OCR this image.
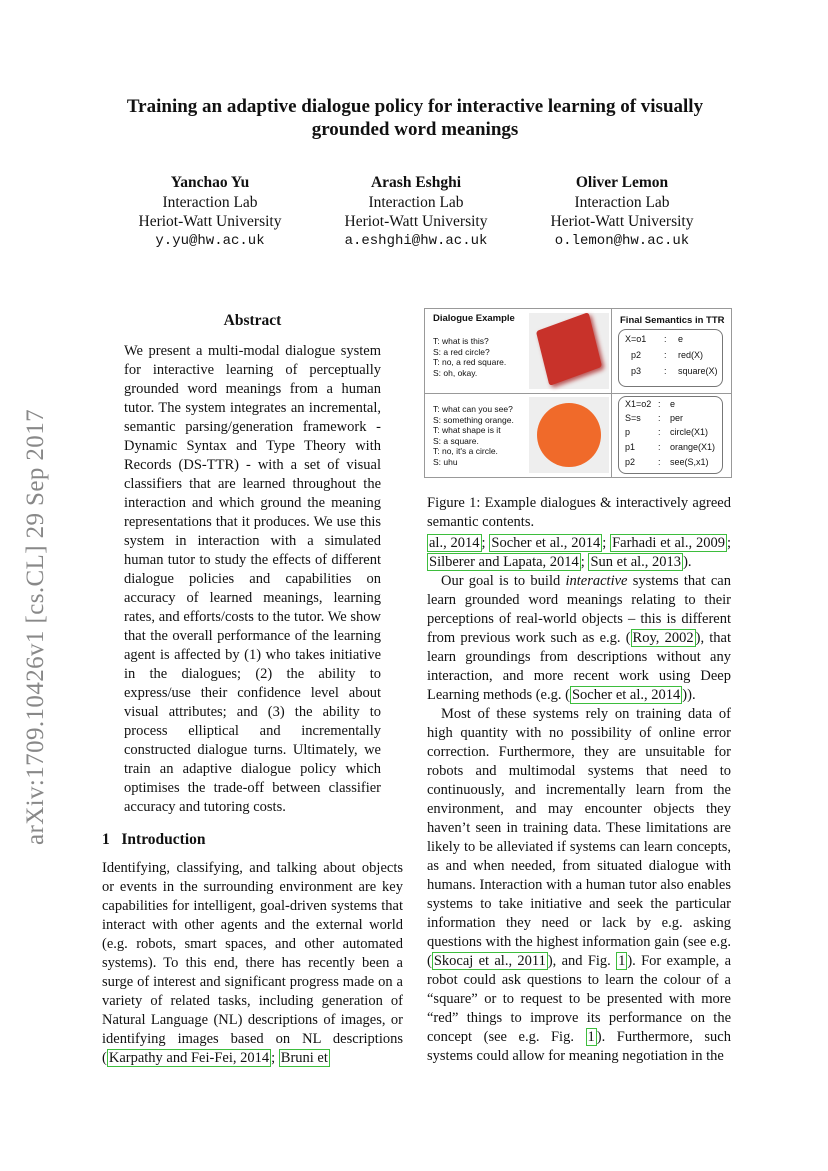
Training an adaptive dialogue policy for interactive learning of visually
grounded word meanings
Yanchao Yu
Interaction Lab
Heriot-Watt University
y.yu@hw.ac.uk
Arash Eshghi
Interaction Lab
Heriot-Watt University
a.eshghi@hw.ac.uk
Oliver Lemon
Interaction Lab
Heriot-Watt University
o.lemon@hw.ac.uk
arXiv:1709.10426v1 [cs.CL] 29 Sep 2017
Abstract

We present a multi-modal dialogue system for interactive learning of perceptually grounded word meanings from a human tutor. The system integrates an incremental, semantic parsing/generation framework - Dynamic Syntax and Type Theory with Records (DS-TTR) - with a set of visual classifiers that are learned throughout the interaction and which ground the meaning representations that it produces. We use this system in interaction with a simulated human tutor to study the effects of different dialogue policies and capabilities on accuracy of learned meanings, learning rates, and efforts/costs to the tutor. We show that the overall performance of the learning agent is affected by (1) who takes initiative in the dialogues; (2) the ability to express/use their confidence level about visual attributes; and (3) the ability to process elliptical and incrementally constructed dialogue turns. Ultimately, we train an adaptive dialogue policy which optimises the trade-off between classifier accuracy and tutoring costs.

1 Introduction

Identifying, classifying, and talking about objects or events in the surrounding environment are key capabilities for intelligent, goal-driven systems that interact with other agents and the external world (e.g. robots, smart spaces, and other automated systems). To this end, there has recently been a surge of interest and significant progress made on a variety of related tasks, including generation of Natural Language (NL) descriptions of images, or identifying images based on NL descriptions ( Karpathy and Fei-Fei, 2014 ; Bruni et

Dialogue Example	Final Semantics in TTR
T: what is this?
S: a red circle?
T: no, a red square.
S: oh, okay.
T: what can you see?
S: something orange.
T: what shape is it
S: a square.
T: no, it's a circle.
S: uhu
X=o1 : e
p2	: red(X)
p3	: square(X)
X1=o2 : e
S=s : per
p	: circle(X1)
p1	: orange(X1)
p2	: see(S,x1)

Figure 1: Example dialogues & interactively agreed semantic contents.

al., 2014 ; Socher et al., 2014 ; Farhadi et al., 2009 ; Silberer and Lapata, 2014 ; Sun et al., 2013 ).

Our goal is to build interactive systems that can learn grounded word meanings relating to their perceptions of real-world objects – this is different from previous work such as e.g. ( Roy, 2002 ), that learn groundings from descriptions without any interaction, and more recent work using Deep Learning methods (e.g. ( Socher et al., 2014 )).

Most of these systems rely on training data of high quantity with no possibility of online error correction. Furthermore, they are unsuitable for robots and multimodal systems that need to continuously, and incrementally learn from the environment, and may encounter objects they haven’t seen in training data. These limitations are likely to be alleviated if systems can learn concepts, as and when needed, from situated dialogue with humans. Interaction with a human tutor also enables systems to take initiative and seek the particular information they need or lack by e.g. asking questions with the highest information gain (see e.g. ( Skocaj et al., 2011 ), and Fig. 1 ). For example, a robot could ask questions to learn the colour of a “square” or to request to be presented with more “red” things to improve its performance on the concept (see e.g. Fig. 1 ). Furthermore, such systems could allow for meaning negotiation in the
